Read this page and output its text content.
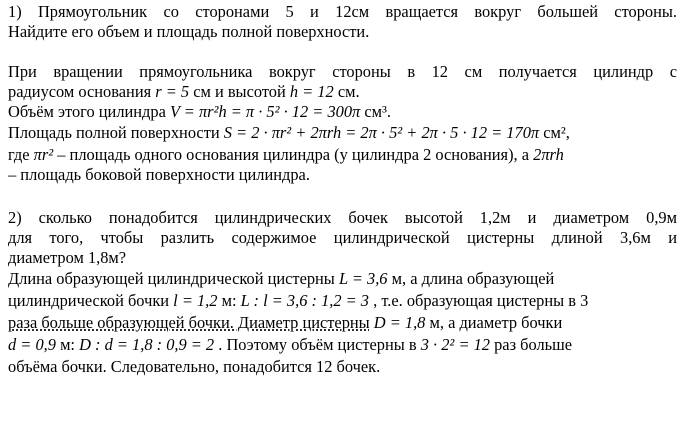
1) Прямоугольник со сторонами 5 и 12см вращается вокруг большей стороны.
Найдите его объем и площадь полной поверхности.
При вращении прямоугольника вокруг стороны в 12 см получается цилиндр с
радиусом основания r = 5 см и высотой h = 12 см.
Объём этого цилиндра V = πr²h = π · 5² · 12 = 300π см³.
Площадь полной поверхности S = 2 · πr² + 2πrh = 2π · 5² + 2π · 5 · 12 = 170π см²,
где πr² – площадь одного основания цилиндра (у цилиндра 2 основания), а 2πrh
– площадь боковой поверхности цилиндра.
2) сколько понадобится цилиндрических бочек высотой 1,2м и диаметром 0,9м
для того, чтобы разлить содержимое цилиндрической цистерны длиной 3,6м и
диаметром 1,8м?
Длина образующей цилиндрической цистерны L = 3,6 м, а длина образующей
цилиндрической бочки l = 1,2 м: L : l = 3,6 : 1,2 = 3 , т.е. образующая цистерны в 3
раза больше образующей бочки. Диаметр цистерны D = 1,8 м, а диаметр бочки
d = 0,9 м: D : d = 1,8 : 0,9 = 2 . Поэтому объём цистерны в 3 · 2² = 12 раз больше
объёма бочки. Следовательно, понадобится 12 бочек.
